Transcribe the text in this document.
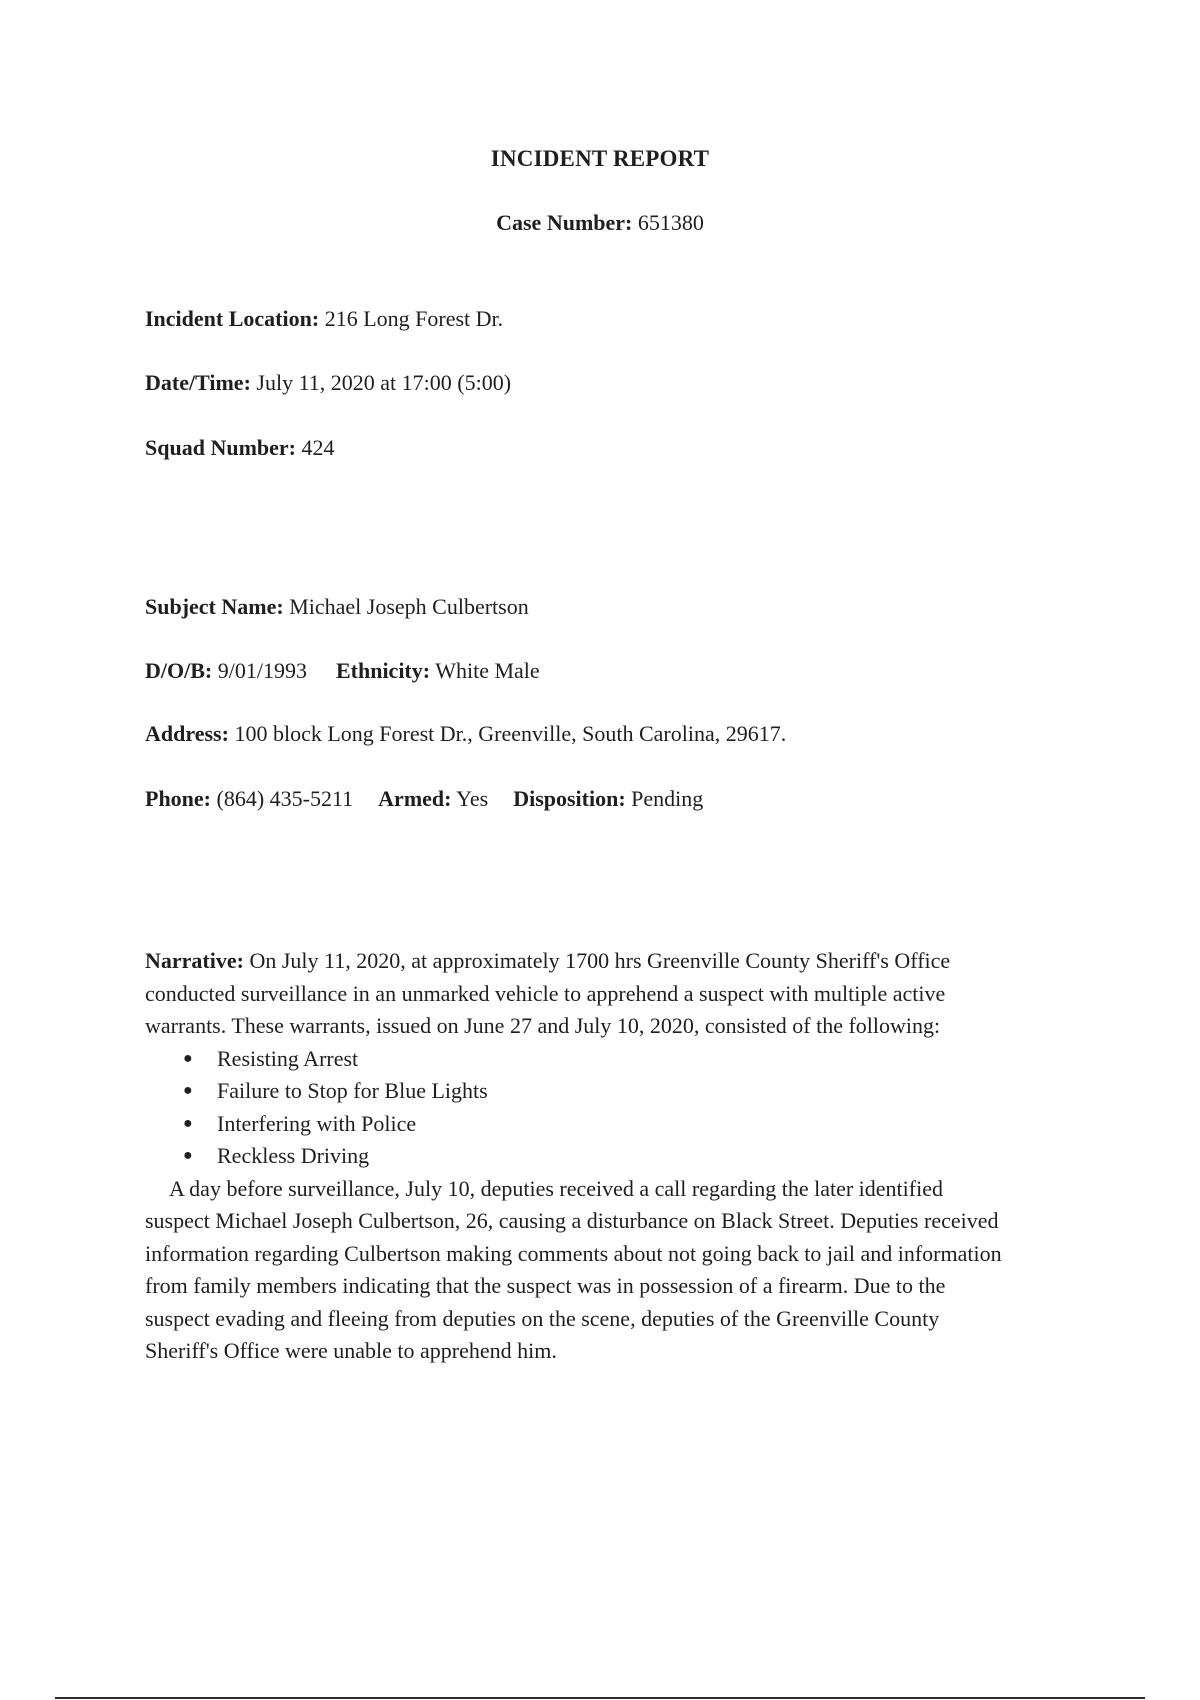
INCIDENT REPORT
Case Number: 651380
Incident Location: 216 Long Forest Dr.
Date/Time: July 11, 2020 at 17:00 (5:00)
Squad Number: 424
Subject Name: Michael Joseph Culbertson
D/O/B: 9/01/1993 Ethnicity: White Male
Address: 100 block Long Forest Dr., Greenville, South Carolina, 29617.
Phone: (864) 435-5211 Armed: Yes Disposition: Pending

Narrative: On July 11, 2020, at approximately 1700 hrs Greenville County Sheriff's Office

conducted surveillance in an unmarked vehicle to apprehend a suspect with multiple active

warrants. These warrants, issued on June 27 and July 10, 2020, consisted of the following:

● Resisting Arrest
● Failure to Stop for Blue Lights
● Interfering with Police
● Reckless Driving

A day before surveillance, July 10, deputies received a call regarding the later identified

suspect Michael Joseph Culbertson, 26, causing a disturbance on Black Street. Deputies received

information regarding Culbertson making comments about not going back to jail and information

from family members indicating that the suspect was in possession of a firearm. Due to the

suspect evading and fleeing from deputies on the scene, deputies of the Greenville County

Sheriff's Office were unable to apprehend him.
